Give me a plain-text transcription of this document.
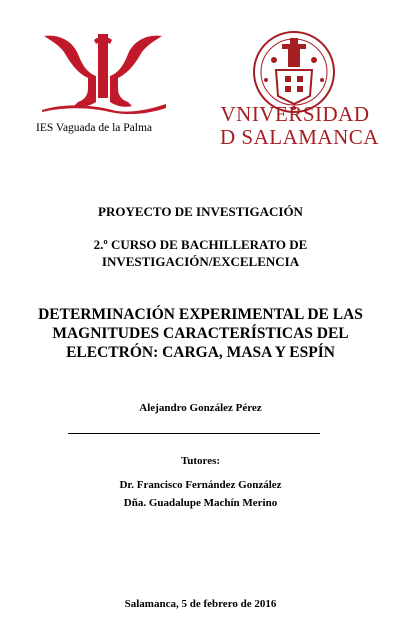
IES Vaguada de la Palma
VNIVERSIDAD
D SALAMANCA
PROYECTO DE INVESTIGACIÓN
2.º CURSO DE BACHILLERATO DE
INVESTIGACIÓN/EXCELENCIA
DETERMINACIÓN EXPERIMENTAL DE LAS
MAGNITUDES CARACTERÍSTICAS DEL
ELECTRÓN: CARGA, MASA Y ESPÍN
Alejandro González Pérez
Tutores:
Dr. Francisco Fernández González
Dña. Guadalupe Machín Merino
Salamanca, 5 de febrero de 2016
